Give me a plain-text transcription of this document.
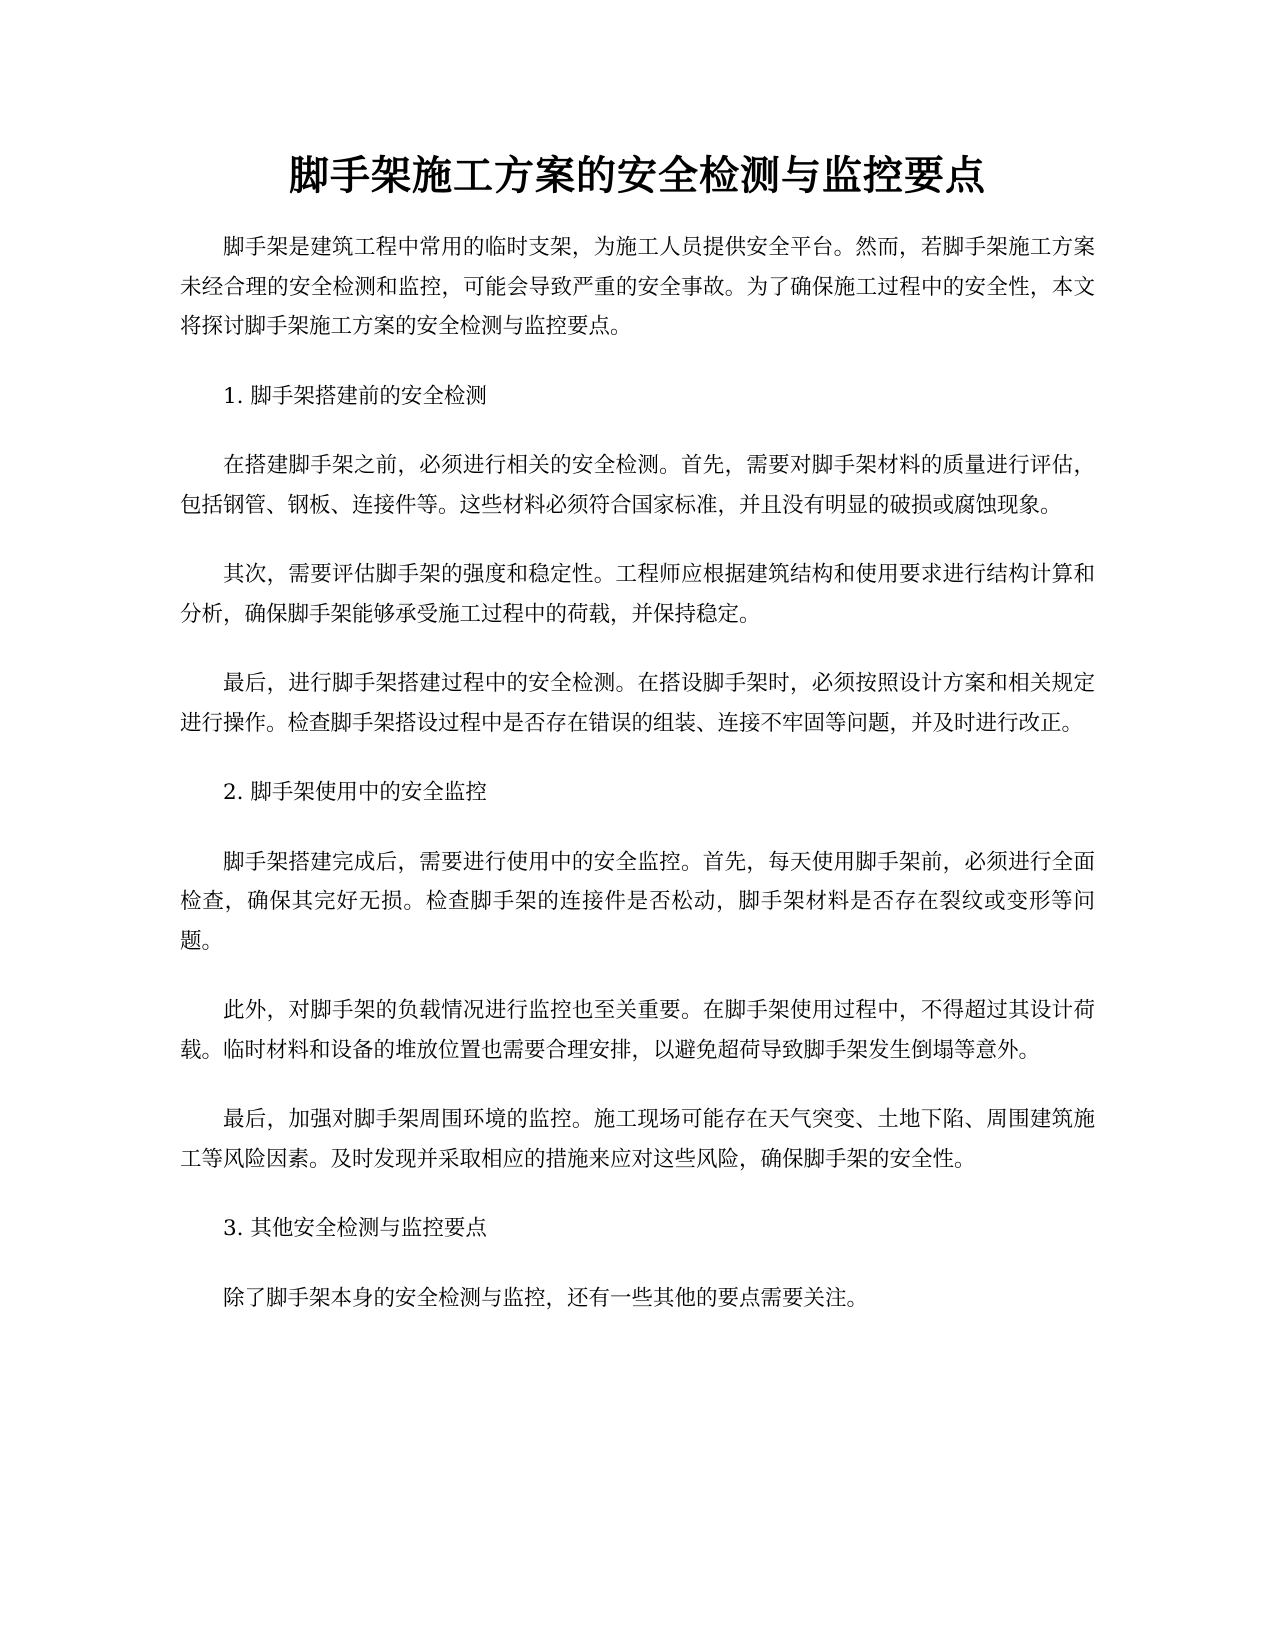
脚手架施工方案的安全检测与监控要点

脚手架是建筑工程中常用的临时支架，为施工人员提供安全平台。然而，若脚手架施工方案未经合理的安全检测和监控，可能会导致严重的安全事故。为了确保施工过程中的安全性，本文将探讨脚手架施工方案的安全检测与监控要点。

1. 脚手架搭建前的安全检测

在搭建脚手架之前，必须进行相关的安全检测。首先，需要对脚手架材料的质量进行评估，包括钢管、钢板、连接件等。这些材料必须符合国家标准，并且没有明显的破损或腐蚀现象。

其次，需要评估脚手架的强度和稳定性。工程师应根据建筑结构和使用要求进行结构计算和分析，确保脚手架能够承受施工过程中的荷载，并保持稳定。

最后，进行脚手架搭建过程中的安全检测。在搭设脚手架时，必须按照设计方案和相关规定进行操作。检查脚手架搭设过程中是否存在错误的组装、连接不牢固等问题，并及时进行改正。

2. 脚手架使用中的安全监控

脚手架搭建完成后，需要进行使用中的安全监控。首先，每天使用脚手架前，必须进行全面检查，确保其完好无损。检查脚手架的连接件是否松动，脚手架材料是否存在裂纹或变形等问题。

此外，对脚手架的负载情况进行监控也至关重要。在脚手架使用过程中，不得超过其设计荷载。临时材料和设备的堆放位置也需要合理安排，以避免超荷导致脚手架发生倒塌等意外。

最后，加强对脚手架周围环境的监控。施工现场可能存在天气突变、土地下陷、周围建筑施工等风险因素。及时发现并采取相应的措施来应对这些风险，确保脚手架的安全性。

3. 其他安全检测与监控要点

除了脚手架本身的安全检测与监控，还有一些其他的要点需要关注。
